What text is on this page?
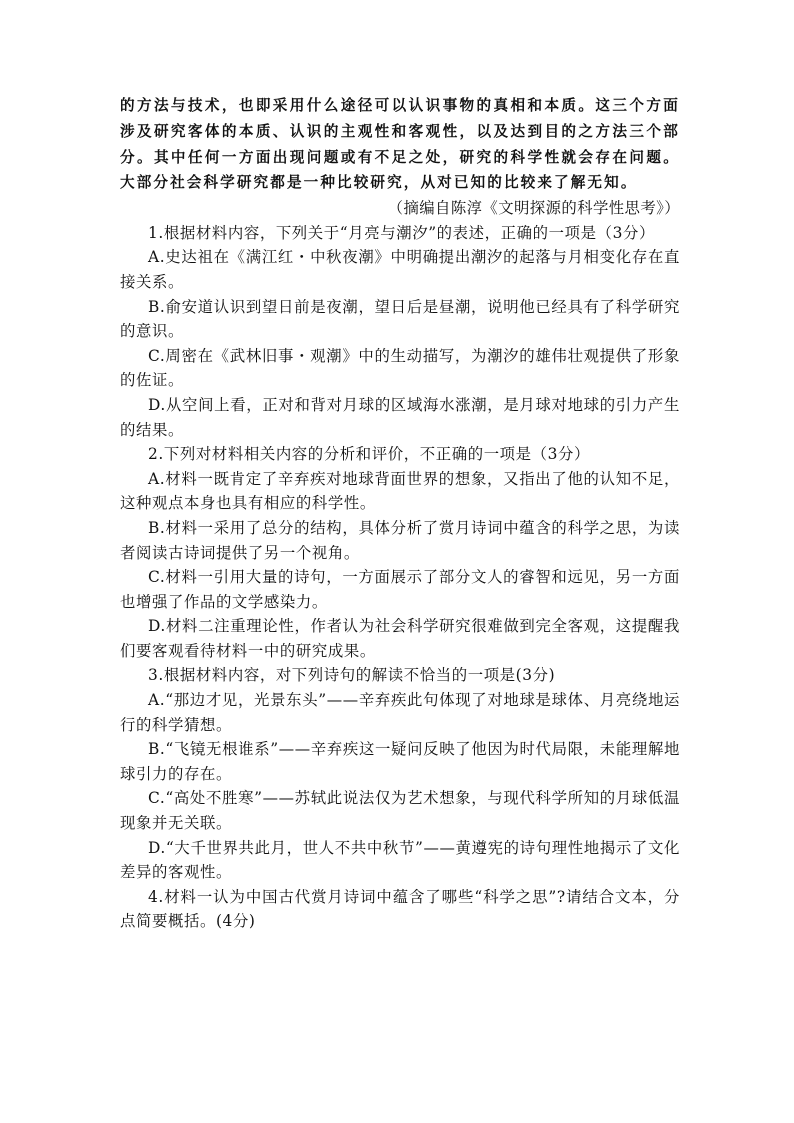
的方法与技术，也即采用什么途径可以认识事物的真相和本质。这三个方面涉及研究客体的本质、认识的主观性和客观性，以及达到目的之方法三个部分。其中任何一方面出现问题或有不足之处，研究的科学性就会存在问题。大部分社会科学研究都是一种比较研究，从对已知的比较来了解无知。

（摘编自陈淳《文明探源的科学性思考》）

1.根据材料内容，下列关于“月亮与潮汐”的表述，正确的一项是（3分）

A.史达祖在《满江红・中秋夜潮》中明确提出潮汐的起落与月相变化存在直接关系。

B.俞安道认识到望日前是夜潮，望日后是昼潮，说明他已经具有了科学研究的意识。

C.周密在《武林旧事・观潮》中的生动描写，为潮汐的雄伟壮观提供了形象的佐证。

D.从空间上看，正对和背对月球的区域海水涨潮，是月球对地球的引力产生的结果。

2.下列对材料相关内容的分析和评价，不正确的一项是（3分）

A.材料一既肯定了辛弃疾对地球背面世界的想象，又指出了他的认知不足，这种观点本身也具有相应的科学性。

B.材料一采用了总分的结构，具体分析了赏月诗词中蕴含的科学之思，为读者阅读古诗词提供了另一个视角。

C.材料一引用大量的诗句，一方面展示了部分文人的睿智和远见，另一方面也增强了作品的文学感染力。

D.材料二注重理论性，作者认为社会科学研究很难做到完全客观，这提醒我们要客观看待材料一中的研究成果。

3.根据材料内容，对下列诗句的解读不恰当的一项是(3分)

A.“那边才见，光景东头”——辛弃疾此句体现了对地球是球体、月亮绕地运行的科学猜想。

B.“飞镜无根谁系”——辛弃疾这一疑问反映了他因为时代局限，未能理解地球引力的存在。

C.“高处不胜寒”——苏轼此说法仅为艺术想象，与现代科学所知的月球低温现象并无关联。

D.“大千世界共此月，世人不共中秋节”——黄遵宪的诗句理性地揭示了文化差异的客观性。

4.材料一认为中国古代赏月诗词中蕴含了哪些“科学之思”?请结合文本，分点简要概括。(4分)
